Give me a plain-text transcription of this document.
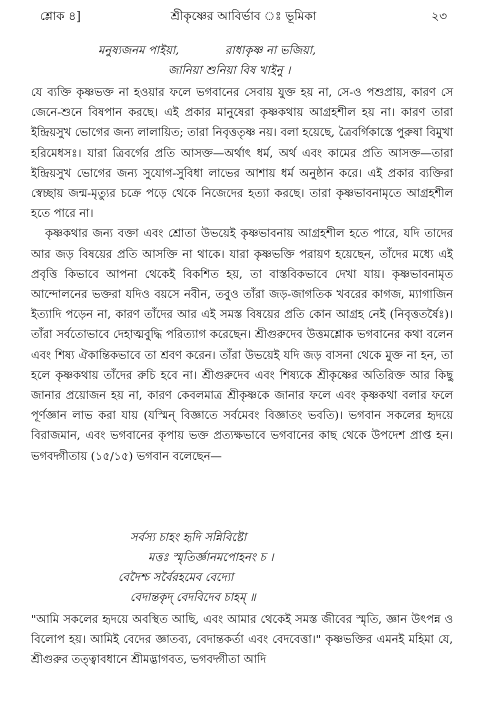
শ্লোক ৪]	শ্রীকৃষ্ণের আবির্ভাব ঃ ভূমিকা	২৩
মনুষ্যজনম পাইয়া,	রাধাকৃষ্ণ না ভজিয়া,
জানিয়া শুনিয়া বিষ খাইনু ।

যে ব্যক্তি কৃষ্ণভক্ত না হওয়ার ফলে ভগবানের সেবায় যুক্ত হয় না, সে-ও পশুপ্রায়, কারণ সে জেনে-শুনে বিষপান করছে। এই প্রকার মানুষেরা কৃষ্ণকথায় আগ্রহশীল হয় না। কারণ তারা ইন্দ্রিয়সুখ ভোগের জন্য লালায়িত; তারা নিবৃত্ততৃষ্ণ নয়। বলা হয়েছে, ত্রৈবর্গিকাস্তে পুরুষা বিমুখা হরিমেধসঃ। যারা ত্রিবর্গের প্রতি আসক্ত—অর্থাৎ ধর্ম, অর্থ এবং কামের প্রতি আসক্ত—তারা ইন্দ্রিয়সুখ ভোগের জন্য সুযোগ-সুবিধা লাভের আশায় ধর্ম অনুষ্ঠান করে। এই প্রকার ব্যক্তিরা স্বেচ্ছায় জন্ম-মৃত্যুর চক্রে পড়ে থেকে নিজেদের হত্যা করছে। তারা কৃষ্ণভাবনামৃতে আগ্রহশীল হতে পারে না।

কৃষ্ণকথার জন্য বক্তা এবং শ্রোতা উভয়েই কৃষ্ণভাবনায় আগ্রহশীল হতে পারে, যদি তাদের আর জড় বিষয়ের প্রতি আসক্তি না থাকে। যারা কৃষ্ণভক্তি পরায়ণ হয়েছেন, তাঁদের মধ্যে এই প্রবৃত্তি কিভাবে আপনা থেকেই বিকশিত হয়, তা বাস্তবিকভাবে দেখা যায়। কৃষ্ণভাবনামৃত আন্দোলনের ভক্তরা যদিও বয়সে নবীন, তবুও তাঁরা জড়-জাগতিক খবরের কাগজ, ম্যাগাজিন ইত্যাদি পড়েন না, কারণ তাঁদের আর এই সমস্ত বিষয়ের প্রতি কোন আগ্রহ নেই (নিবৃত্ততর্ষৈঃ)। তাঁরা সর্বতোভাবে দেহাত্মবুদ্ধি পরিত্যাগ করেছেন। শ্রীগুরুদেব উত্তমশ্লোক ভগবানের কথা বলেন এবং শিষ্য ঐকান্তিকভাবে তা শ্রবণ করেন। তাঁরা উভয়েই যদি জড় বাসনা থেকে মুক্ত না হন, তা হলে কৃষ্ণকথায় তাঁদের রুচি হবে না। শ্রীগুরুদেব এবং শিষ্যকে শ্রীকৃষ্ণের অতিরিক্ত আর কিছু জানার প্রয়োজন হয় না, কারণ কেবলমাত্র শ্রীকৃষ্ণকে জানার ফলে এবং কৃষ্ণকথা বলার ফলে পূর্ণজ্ঞান লাভ করা যায় (যস্মিন্ বিজ্ঞাতে সর্বমেবং বিজ্ঞাতং ভবতি)। ভগবান সকলের হৃদয়ে বিরাজমান, এবং ভগবানের কৃপায় ভক্ত প্রত্যক্ষভাবে ভগবানের কাছ থেকে উপদেশ প্রাপ্ত হন। ভগবদ্গীতায় (১৫/১৫) ভগবান বলেছেন—

সর্বস্য চাহং হৃদি সন্নিবিষ্টো
মত্তঃ স্মৃতির্জ্ঞানমপোহনং চ ।
বেদৈশ্চ সর্বৈরহমেব বেদ্যো
বেদান্তকৃদ্ বেদবিদেব চাহম্ ॥

"আমি সকলের হৃদয়ে অবস্থিত আছি, এবং আমার থেকেই সমস্ত জীবের স্মৃতি, জ্ঞান উৎপন্ন ও বিলোপ হয়। আমিই বেদের জ্ঞাতব্য, বেদান্তকর্তা এবং বেদবেত্তা।" কৃষ্ণভক্তির এমনই মহিমা যে, শ্রীগুরুর তত্ত্বাবধানে শ্রীমদ্ভাগবত, ভগবদ্গীতা আদি
